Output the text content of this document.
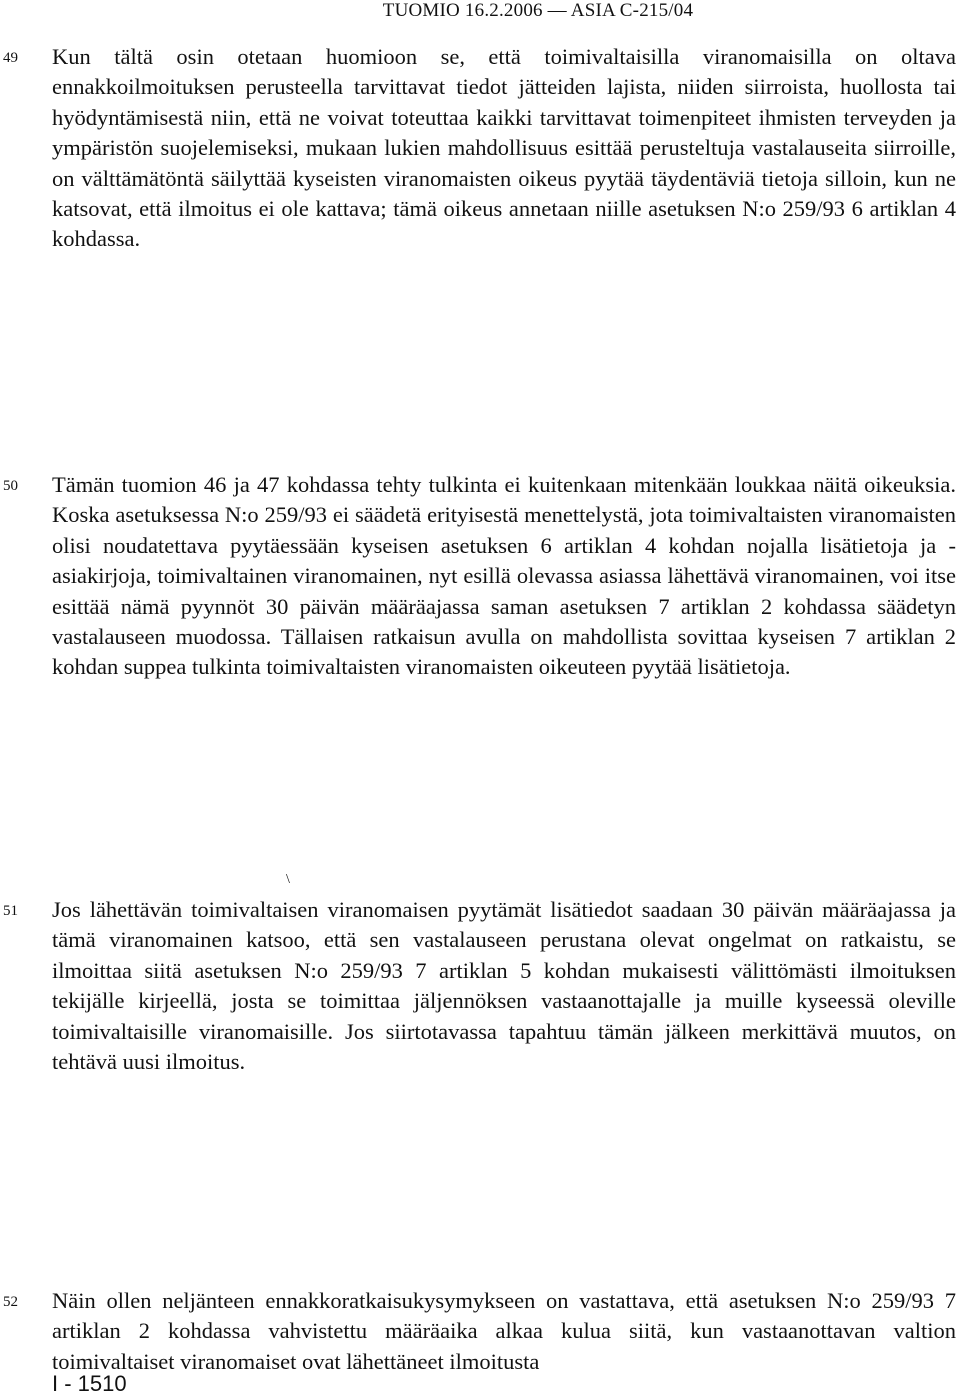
TUOMIO 16.2.2006 — ASIA C-215/04
49	Kun tältä osin otetaan huomioon se, että toimivaltaisilla viranomaisilla on oltava ennakkoilmoituksen perusteella tarvittavat tiedot jätteiden lajista, niiden siirroista, huollosta tai hyödyntämisestä niin, että ne voivat toteuttaa kaikki tarvittavat toimenpiteet ihmisten terveyden ja ympäristön suojelemiseksi, mukaan lukien mahdollisuus esittää perusteltuja vastalauseita siirroille, on välttämätöntä säilyttää kyseisten viranomaisten oikeus pyytää täydentäviä tietoja silloin, kun ne katsovat, että ilmoitus ei ole kattava; tämä oikeus annetaan niille asetuksen N:o 259/93 6 artiklan 4 kohdassa.

50	Tämän tuomion 46 ja 47 kohdassa tehty tulkinta ei kuitenkaan mitenkään loukkaa näitä oikeuksia. Koska asetuksessa N:o 259/93 ei säädetä erityisestä menettelystä, jota toimivaltaisten viranomaisten olisi noudatettava pyytäessään kyseisen asetuksen 6 artiklan 4 kohdan nojalla lisätietoja ja -asiakirjoja, toimivaltainen viranomainen, nyt esillä olevassa asiassa lähettävä viranomainen, voi itse esittää nämä pyynnöt 30 päivän määräajassa saman asetuksen 7 artiklan 2 kohdassa säädetyn vastalauseen muodossa. Tällaisen ratkaisun avulla on mahdollista sovittaa kyseisen 7 artiklan 2 kohdan suppea tulkinta toimivaltaisten viranomaisten oikeuteen pyytää lisätietoja.

\
51	Jos lähettävän toimivaltaisen viranomaisen pyytämät lisätiedot saadaan 30 päivän määräajassa ja tämä viranomainen katsoo, että sen vastalauseen perustana olevat ongelmat on ratkaistu, se ilmoittaa siitä asetuksen N:o 259/93 7 artiklan 5 kohdan mukaisesti välittömästi ilmoituksen tekijälle kirjeellä, josta se toimittaa jäljennöksen vastaanottajalle ja muille kyseessä oleville toimivaltaisille viranomaisille. Jos siirtotavassa tapahtuu tämän jälkeen merkittävä muutos, on tehtävä uusi ilmoitus.

52	Näin ollen neljänteen ennakkoratkaisukysymykseen on vastattava, että asetuksen N:o 259/93 7 artiklan 2 kohdassa vahvistettu määräaika alkaa kulua siitä, kun vastaanottavan valtion toimivaltaiset viranomaiset ovat lähettäneet ilmoitusta

I - 1510
